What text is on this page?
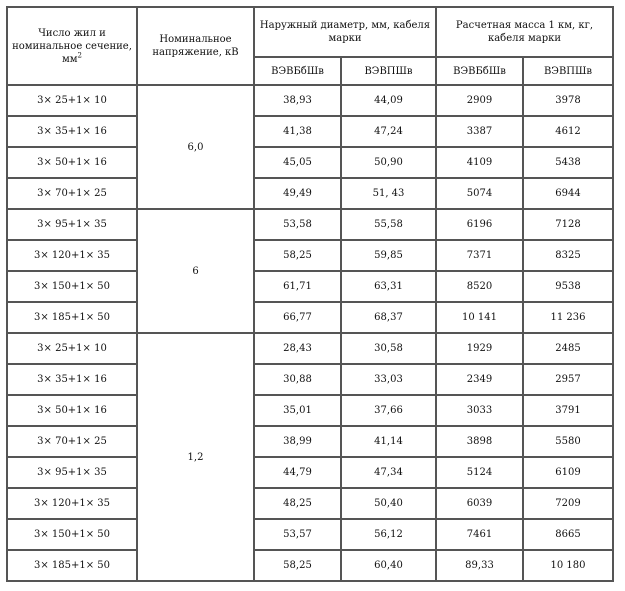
Число жил и номинальное сечение, $мм^2$	Номинальное напряжение, кВ	Наружный диаметр, мм, кабеля марки		Расчетная масса 1 км, кг, кабеля марки	
		ВЭВБбШв	ВЭВПШв	ВЭВБбШв	ВЭВПШв
3× 25+1× 10	6,0	38,93	44,09	2909	3978
3× 35+1× 16		41,38	47,24	3387	4612
3× 50+1× 16		45,05	50,90	4109	5438
3× 70+1× 25		49,49	51, 43	5074	6944
3× 95+1× 35	6	53,58	55,58	6196	7128
3× 120+1× 35		58,25	59,85	7371	8325
3× 150+1× 50		61,71	63,31	8520	9538
3× 185+1× 50		66,77	68,37	10 141	11 236
3× 25+1× 10	1,2	28,43	30,58	1929	2485
3× 35+1× 16		30,88	33,03	2349	2957
3× 50+1× 16		35,01	37,66	3033	3791
3× 70+1× 25		38,99	41,14	3898	5580
3× 95+1× 35		44,79	47,34	5124	6109
3× 120+1× 35		48,25	50,40	6039	7209
3× 150+1× 50		53,57	56,12	7461	8665
3× 185+1× 50		58,25	60,40	89,33	10 180
